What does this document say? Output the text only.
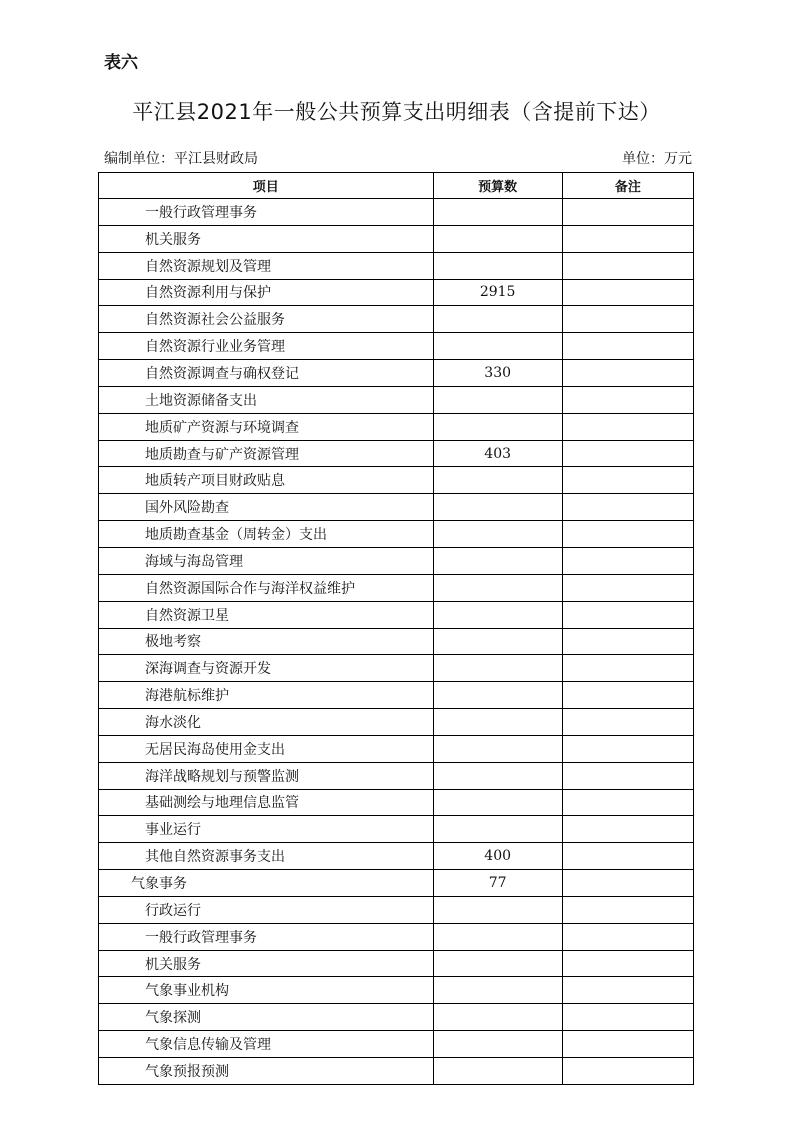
表六
平江县2021年一般公共预算支出明细表（含提前下达）
编制单位：平江县财政局	单位：万元
项目	预算数	备注
一般行政管理事务		
机关服务		
自然资源规划及管理		
自然资源利用与保护	2915	
自然资源社会公益服务		
自然资源行业业务管理		
自然资源调查与确权登记	330	
土地资源储备支出		
地质矿产资源与环境调查		
地质勘查与矿产资源管理	403	
地质转产项目财政贴息		
国外风险勘查		
地质勘查基金（周转金）支出		
海域与海岛管理		
自然资源国际合作与海洋权益维护		
自然资源卫星		
极地考察		
深海调查与资源开发		
海港航标维护		
海水淡化		
无居民海岛使用金支出		
海洋战略规划与预警监测		
基础测绘与地理信息监管		
事业运行		
其他自然资源事务支出	400	
气象事务	77	
行政运行		
一般行政管理事务		
机关服务		
气象事业机构		
气象探测		
气象信息传输及管理		
气象预报预测		
